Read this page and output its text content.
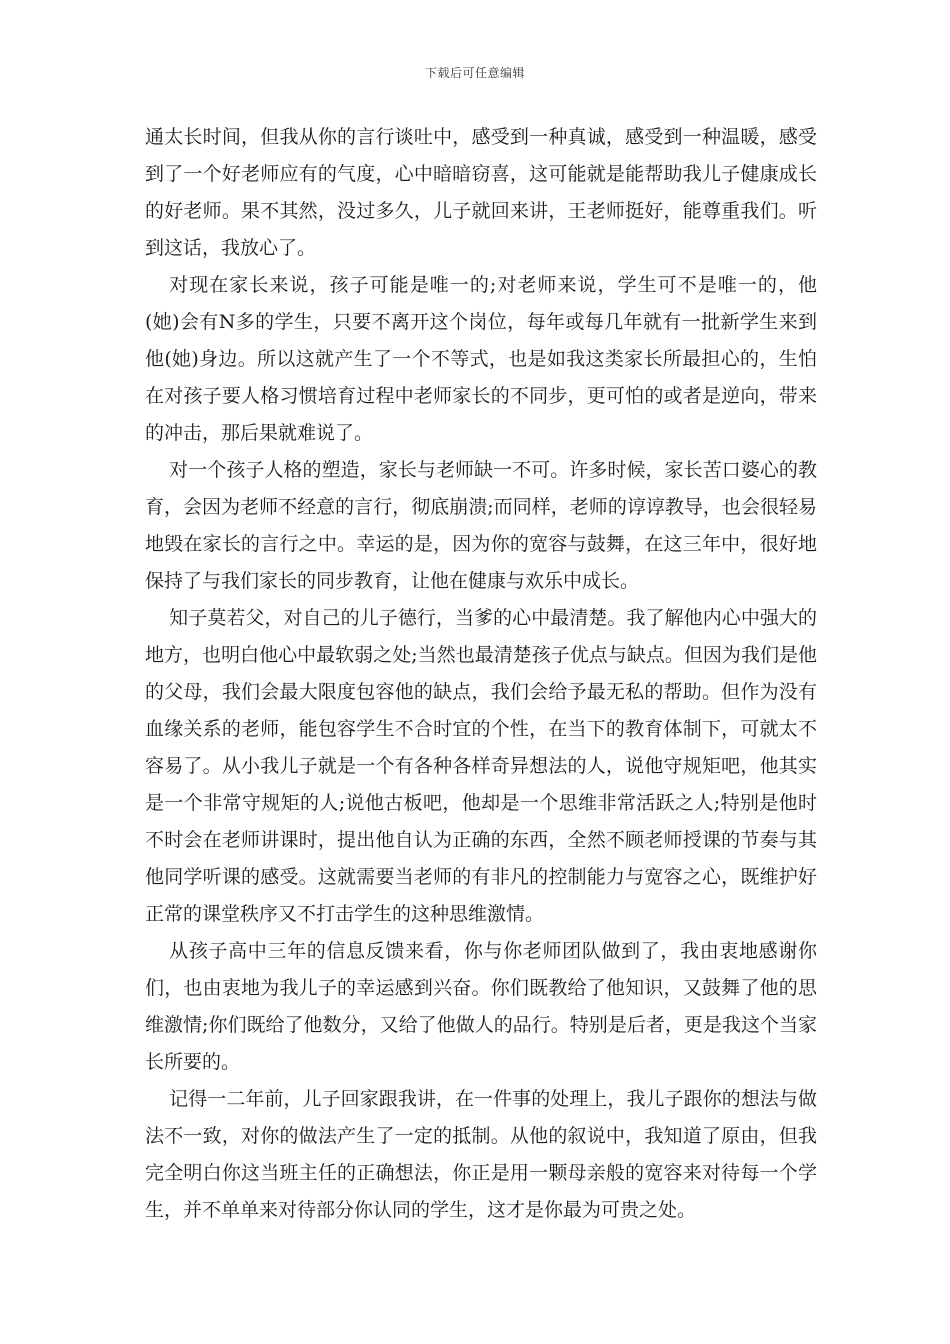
下载后可任意编辑

通太长时间，但我从你的言行谈吐中，感受到一种真诚，感受到一种温暖，感受到了一个好老师应有的气度，心中暗暗窃喜，这可能就是能帮助我儿子健康成长的好老师。果不其然，没过多久，儿子就回来讲，王老师挺好，能尊重我们。听到这话，我放心了。

对现在家长来说，孩子可能是唯一的;对老师来说，学生可不是唯一的，他(她)会有N多的学生，只要不离开这个岗位，每年或每几年就有一批新学生来到他(她)身边。所以这就产生了一个不等式，也是如我这类家长所最担心的，生怕在对孩子要人格习惯培育过程中老师家长的不同步，更可怕的或者是逆向，带来的冲击，那后果就难说了。

对一个孩子人格的塑造，家长与老师缺一不可。许多时候，家长苦口婆心的教育，会因为老师不经意的言行，彻底崩溃;而同样，老师的谆谆教导，也会很轻易地毁在家长的言行之中。幸运的是，因为你的宽容与鼓舞，在这三年中，很好地保持了与我们家长的同步教育，让他在健康与欢乐中成长。

知子莫若父，对自己的儿子德行，当爹的心中最清楚。我了解他内心中强大的地方，也明白他心中最软弱之处;当然也最清楚孩子优点与缺点。但因为我们是他的父母，我们会最大限度包容他的缺点，我们会给予最无私的帮助。但作为没有血缘关系的老师，能包容学生不合时宜的个性，在当下的教育体制下，可就太不容易了。从小我儿子就是一个有各种各样奇异想法的人，说他守规矩吧，他其实是一个非常守规矩的人;说他古板吧，他却是一个思维非常活跃之人;特别是他时不时会在老师讲课时，提出他自认为正确的东西，全然不顾老师授课的节奏与其他同学听课的感受。这就需要当老师的有非凡的控制能力与宽容之心，既维护好正常的课堂秩序又不打击学生的这种思维激情。

从孩子高中三年的信息反馈来看，你与你老师团队做到了，我由衷地感谢你们，也由衷地为我儿子的幸运感到兴奋。你们既教给了他知识，又鼓舞了他的思维激情;你们既给了他数分，又给了他做人的品行。特别是后者，更是我这个当家长所要的。

记得一二年前，儿子回家跟我讲，在一件事的处理上，我儿子跟你的想法与做法不一致，对你的做法产生了一定的抵制。从他的叙说中，我知道了原由，但我完全明白你这当班主任的正确想法，你正是用一颗母亲般的宽容来对待每一个学生，并不单单来对待部分你认同的学生，这才是你最为可贵之处。
